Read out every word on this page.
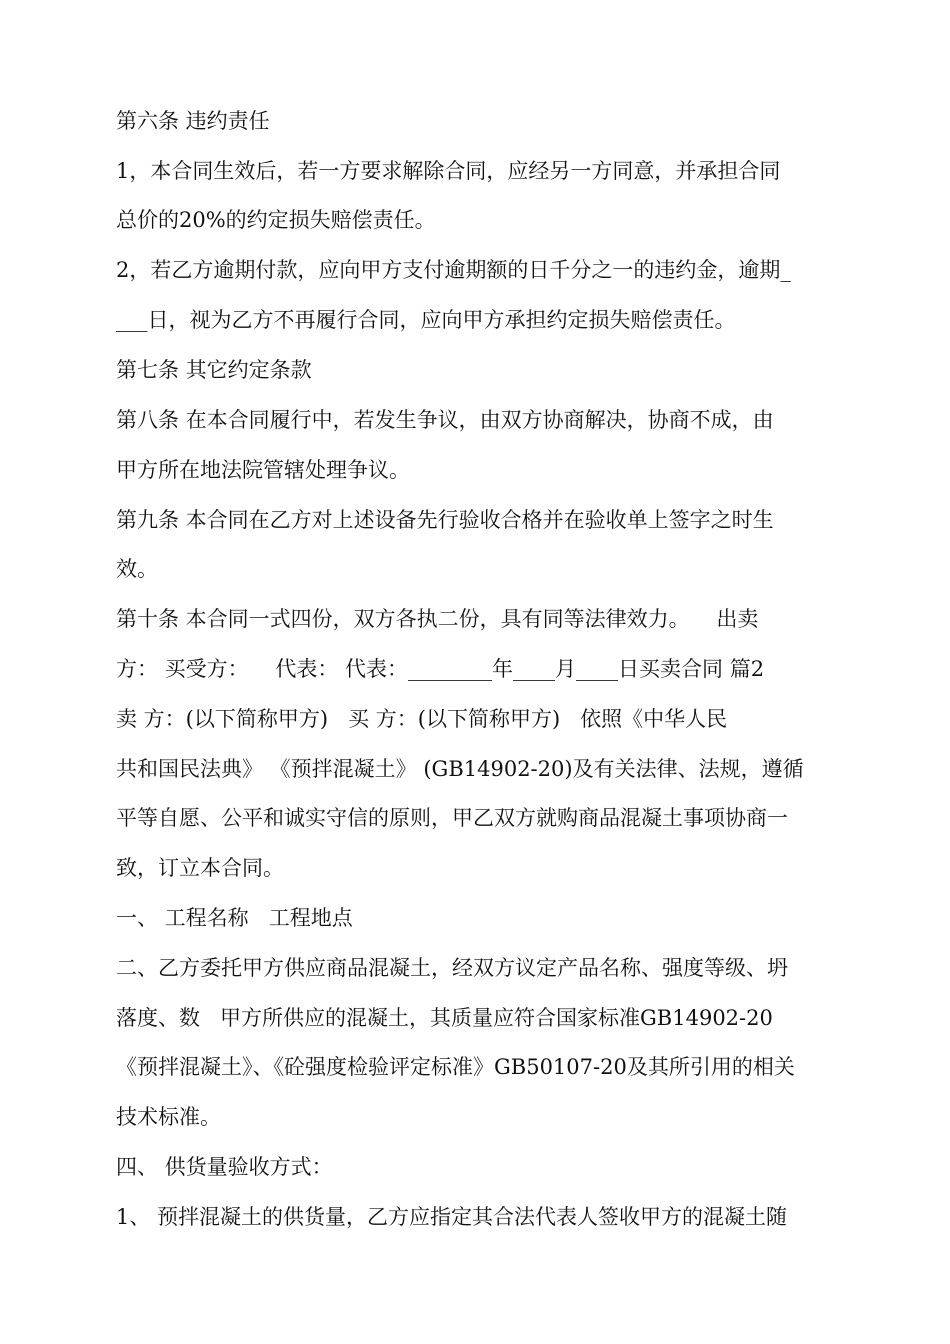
第六条 违约责任
1，本合同生效后，若一方要求解除合同，应经另一方同意，并承担合同
总价的20%的约定损失赔偿责任。
2，若乙方逾期付款，应向甲方支付逾期额的日千分之一的违约金，逾期_
___日，视为乙方不再履行合同，应向甲方承担约定损失赔偿责任。
第七条 其它约定条款
第八条 在本合同履行中，若发生争议，由双方协商解决，协商不成，由
甲方所在地法院管辖处理争议。
第九条 本合同在乙方对上述设备先行验收合格并在验收单上签字之时生
效。
第十条 本合同一式四份，双方各执二份，具有同等法律效力。    出卖
方： 买受方：    代表： 代表：________年____月____日买卖合同 篇2
卖 方：(以下简称甲方)   买 方：(以下简称甲方)   依照《中华人民
共和国民法典》 《预拌混凝土》 (GB14902-20)及有关法律、法规，遵循
平等自愿、公平和诚实守信的原则，甲乙双方就购商品混凝土事项协商一
致，订立本合同。
一、 工程名称   工程地点
二、乙方委托甲方供应商品混凝土，经双方议定产品名称、强度等级、坍
落度、数   甲方所供应的混凝土，其质量应符合国家标准GB14902-20
《预拌混凝土》、《砼强度检验评定标准》GB50107-20及其所引用的相关
技术标准。
四、 供货量验收方式：
1、 预拌混凝土的供货量，乙方应指定其合法代表人签收甲方的混凝土随
